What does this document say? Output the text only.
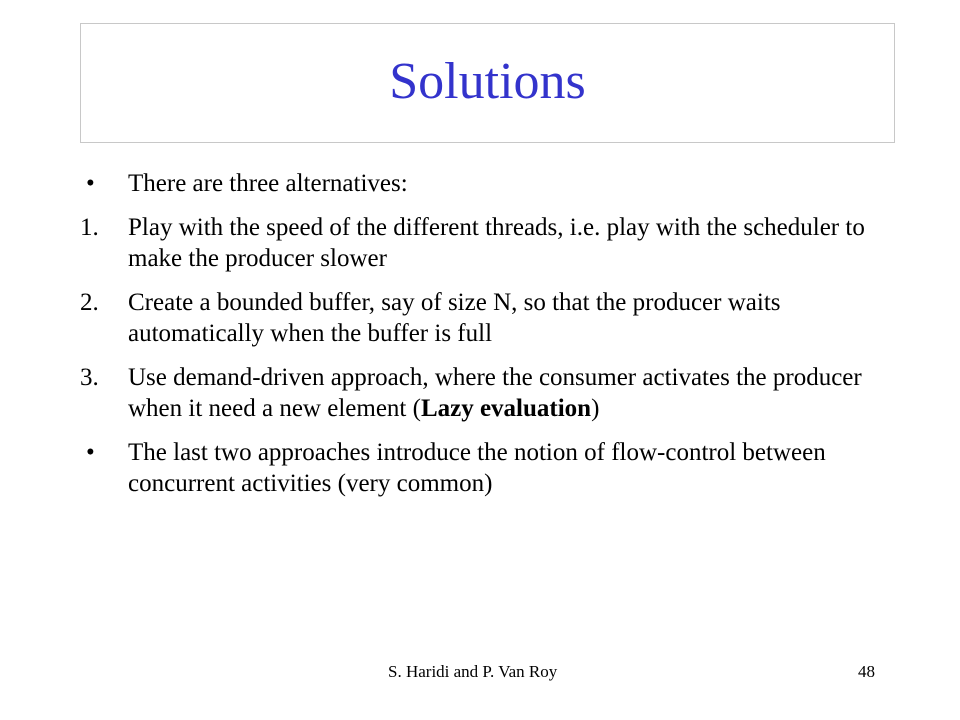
Solutions
•	There are three alternatives:
1.	Play with the speed of the different threads, i.e. play with the scheduler to make the producer slower
2.	Create a bounded buffer, say of size N, so that the producer waits automatically when the buffer is full
3.	Use demand-driven approach, where the consumer activates the producer when it need a new element (Lazy evaluation)
•	The last two approaches introduce the notion of flow-control between concurrent activities (very common)
S. Haridi and P. Van Roy	48
